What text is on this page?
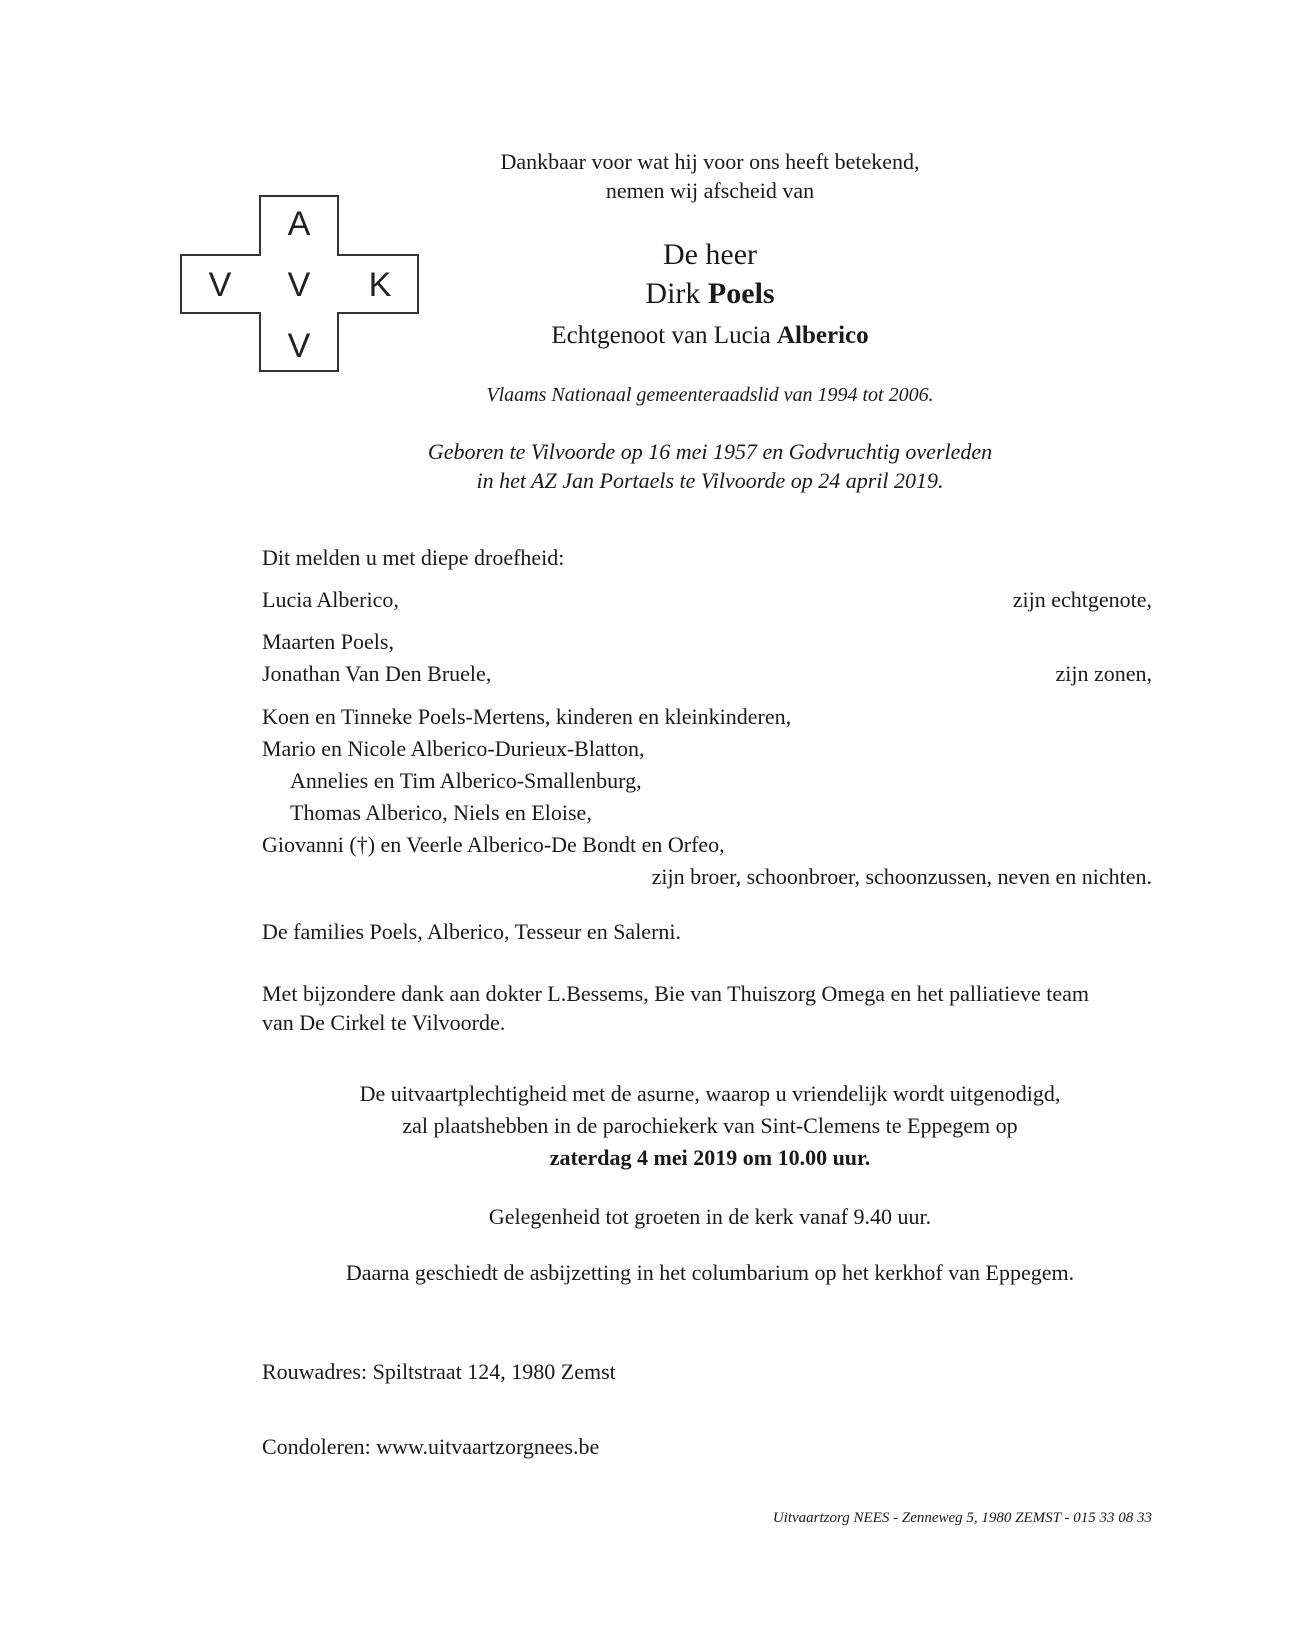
A
V V K
V
Dankbaar voor wat hij voor ons heeft betekend,
nemen wij afscheid van
De heer
Dirk Poels
Echtgenoot van Lucia Alberico
Vlaams Nationaal gemeenteraadslid van 1994 tot 2006.
Geboren te Vilvoorde op 16 mei 1957 en Godvruchtig overleden
in het AZ Jan Portaels te Vilvoorde op 24 april 2019.
Dit melden u met diepe droefheid:
Lucia Alberico,	zijn echtgenote,
Maarten Poels,
Jonathan Van Den Bruele,	zijn zonen,
Koen en Tinneke Poels-Mertens, kinderen en kleinkinderen,
Mario en Nicole Alberico-Durieux-Blatton,
Annelies en Tim Alberico-Smallenburg,
Thomas Alberico, Niels en Eloise,
Giovanni (†) en Veerle Alberico-De Bondt en Orfeo,
zijn broer, schoonbroer, schoonzussen, neven en nichten.
De families Poels, Alberico, Tesseur en Salerni.
Met bijzondere dank aan dokter L.Bessems, Bie van Thuiszorg Omega en het palliatieve team
van De Cirkel te Vilvoorde.
De uitvaartplechtigheid met de asurne, waarop u vriendelijk wordt uitgenodigd,
zal plaatshebben in de parochiekerk van Sint-Clemens te Eppegem op
zaterdag 4 mei 2019 om 10.00 uur.
Gelegenheid tot groeten in de kerk vanaf 9.40 uur.
Daarna geschiedt de asbijzetting in het columbarium op het kerkhof van Eppegem.
Rouwadres: Spiltstraat 124, 1980 Zemst
Condoleren: www.uitvaartzorgnees.be
Uitvaartzorg NEES - Zenneweg 5, 1980 ZEMST - 015 33 08 33
